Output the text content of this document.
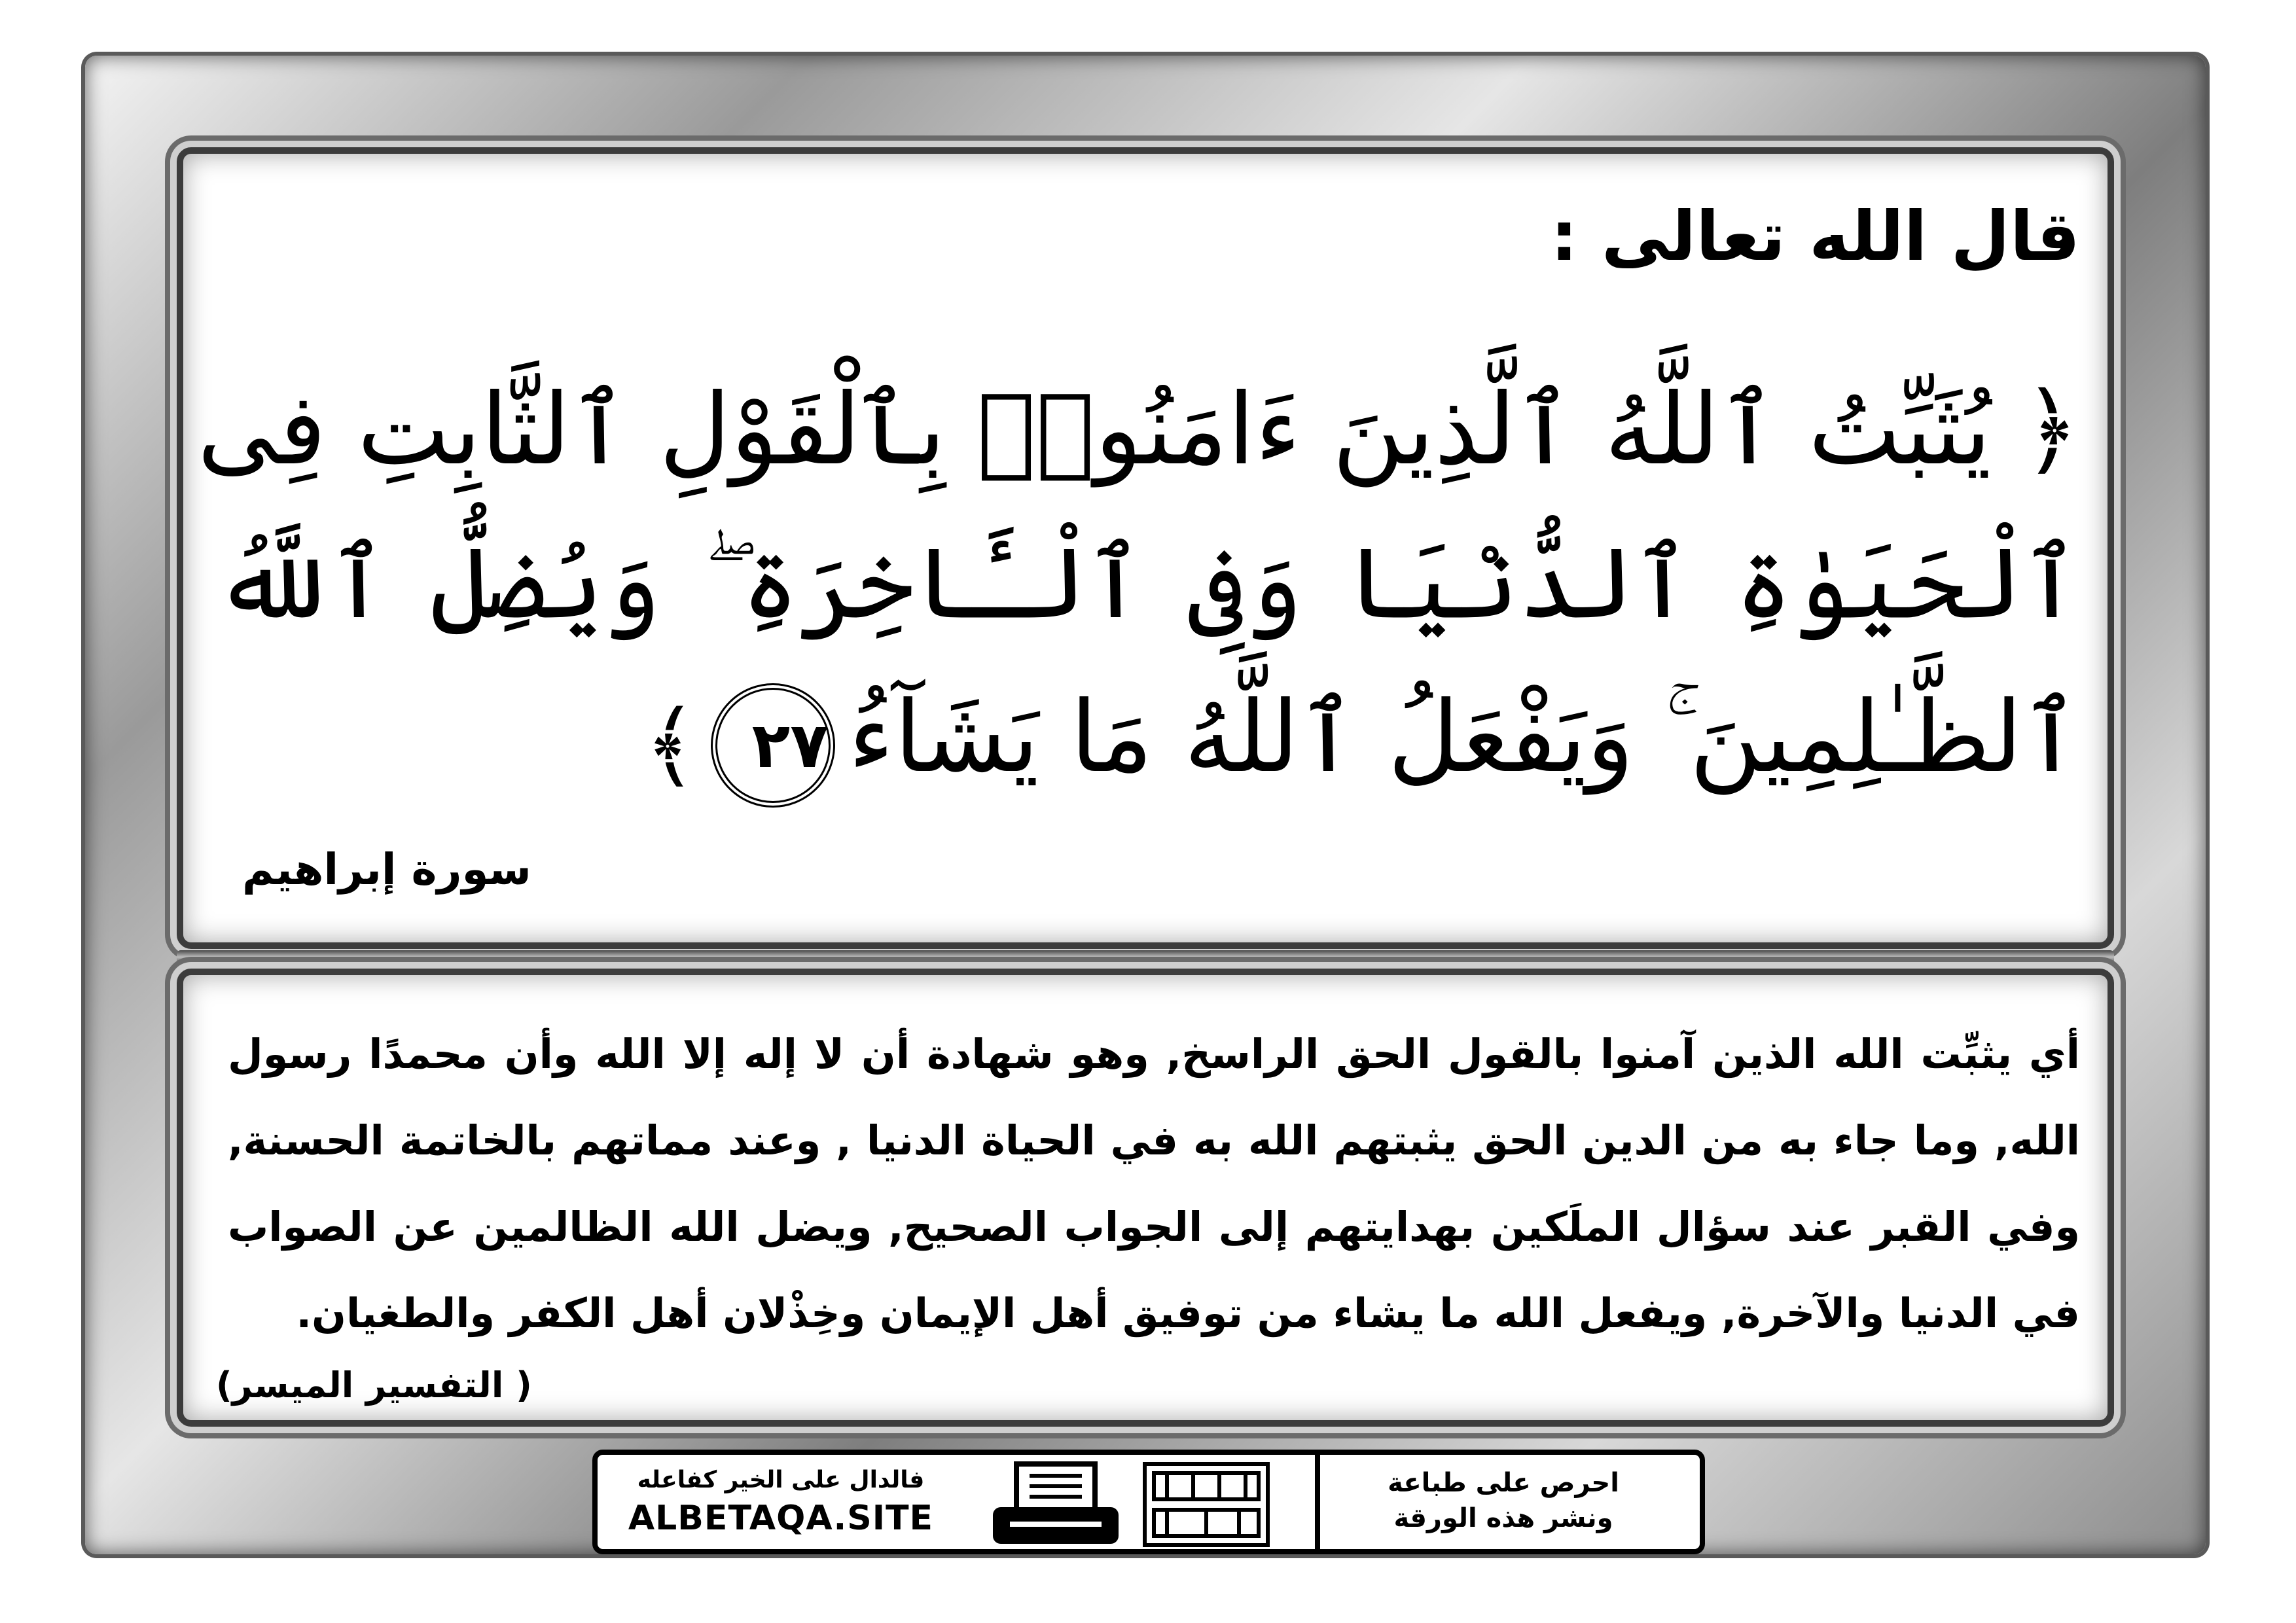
قال الله تعالى :
﴿ يُثَبِّتُ ٱللَّهُ ٱلَّذِينَ ءَامَنُوا۟ بِٱلْقَوْلِ ٱلثَّابِتِ فِى
ٱلْحَيَوٰةِ ٱلدُّنْيَا وَفِى ٱلْـَٔاخِرَةِ ۖ وَيُضِلُّ ٱللَّهُ
ٱلظَّـٰلِمِينَ ۚ وَيَفْعَلُ ٱللَّهُ مَا يَشَآءُ٢٧﴾
سورة إبراهيم
أي يثبِّت الله الذين آمنوا بالقول الحق الراسخ, وهو شهادة أن لا إله إلا الله وأن محمدًا رسول الله, وما جاء به من الدين الحق يثبتهم الله به في الحياة الدنيا , وعند مماتهم بالخاتمة الحسنة, وفي القبر عند سؤال الملَكين بهدايتهم إلى الجواب الصحيح, ويضل الله الظالمين عن الصواب في الدنيا والآخرة, ويفعل الله ما يشاء من توفيق أهل الإيمان وخِذْلان أهل الكفر والطغيان.
( التفسير الميسر)
فالدال على الخير كفاعله
ALBETAQA.SITE
احرص على طباعة
ونشر هذه الورقة
